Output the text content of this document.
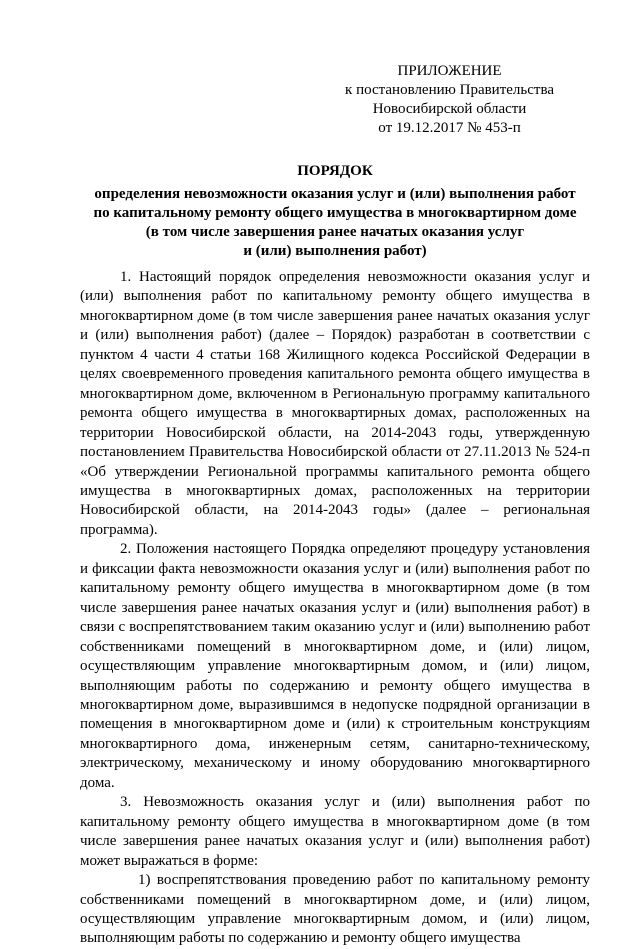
ПРИЛОЖЕНИЕ
к постановлению Правительства
Новосибирской области
от 19.12.2017 № 453-п
ПОРЯДОК
определения невозможности оказания услуг и (или) выполнения работ
по капитальному ремонту общего имущества в многоквартирном доме
(в том числе завершения ранее начатых оказания услуг
и (или) выполнения работ)

1. Настоящий порядок определения невозможности оказания услуг и (или) выполнения работ по капитальному ремонту общего имущества в многоквартирном доме (в том числе завершения ранее начатых оказания услуг и (или) выполнения работ) (далее – Порядок) разработан в соответствии с пунктом 4 части 4 статьи 168 Жилищного кодекса Российской Федерации в целях своевременного проведения капитального ремонта общего имущества в многоквартирном доме, включенном в Региональную программу капитального ремонта общего имущества в многоквартирных домах, расположенных на территории Новосибирской области, на 2014-2043 годы, утвержденную постановлением Правительства Новосибирской области от 27.11.2013 № 524-п «Об утверждении Региональной программы капитального ремонта общего имущества в многоквартирных домах, расположенных на территории Новосибирской области, на 2014-2043 годы» (далее – региональная программа).

2. Положения настоящего Порядка определяют процедуру установления и фиксации факта невозможности оказания услуг и (или) выполнения работ по капитальному ремонту общего имущества в многоквартирном доме (в том числе завершения ранее начатых оказания услуг и (или) выполнения работ) в связи с воспрепятствованием таким оказанию услуг и (или) выполнению работ собственниками помещений в многоквартирном доме, и (или) лицом, осуществляющим управление многоквартирным домом, и (или) лицом, выполняющим работы по содержанию и ремонту общего имущества в многоквартирном доме, выразившимся в недопуске подрядной организации в помещения в многоквартирном доме и (или) к строительным конструкциям многоквартирного дома, инженерным сетям, санитарно-техническому, электрическому, механическому и иному оборудованию многоквартирного дома.

3. Невозможность оказания услуг и (или) выполнения работ по капитальному ремонту общего имущества в многоквартирном доме (в том числе завершения ранее начатых оказания услуг и (или) выполнения работ) может выражаться в форме:

1) воспрепятствования проведению работ по капитальному ремонту собственниками помещений в многоквартирном доме, и (или) лицом, осуществляющим управление многоквартирным домом, и (или) лицом, выполняющим работы по содержанию и ремонту общего имущества
